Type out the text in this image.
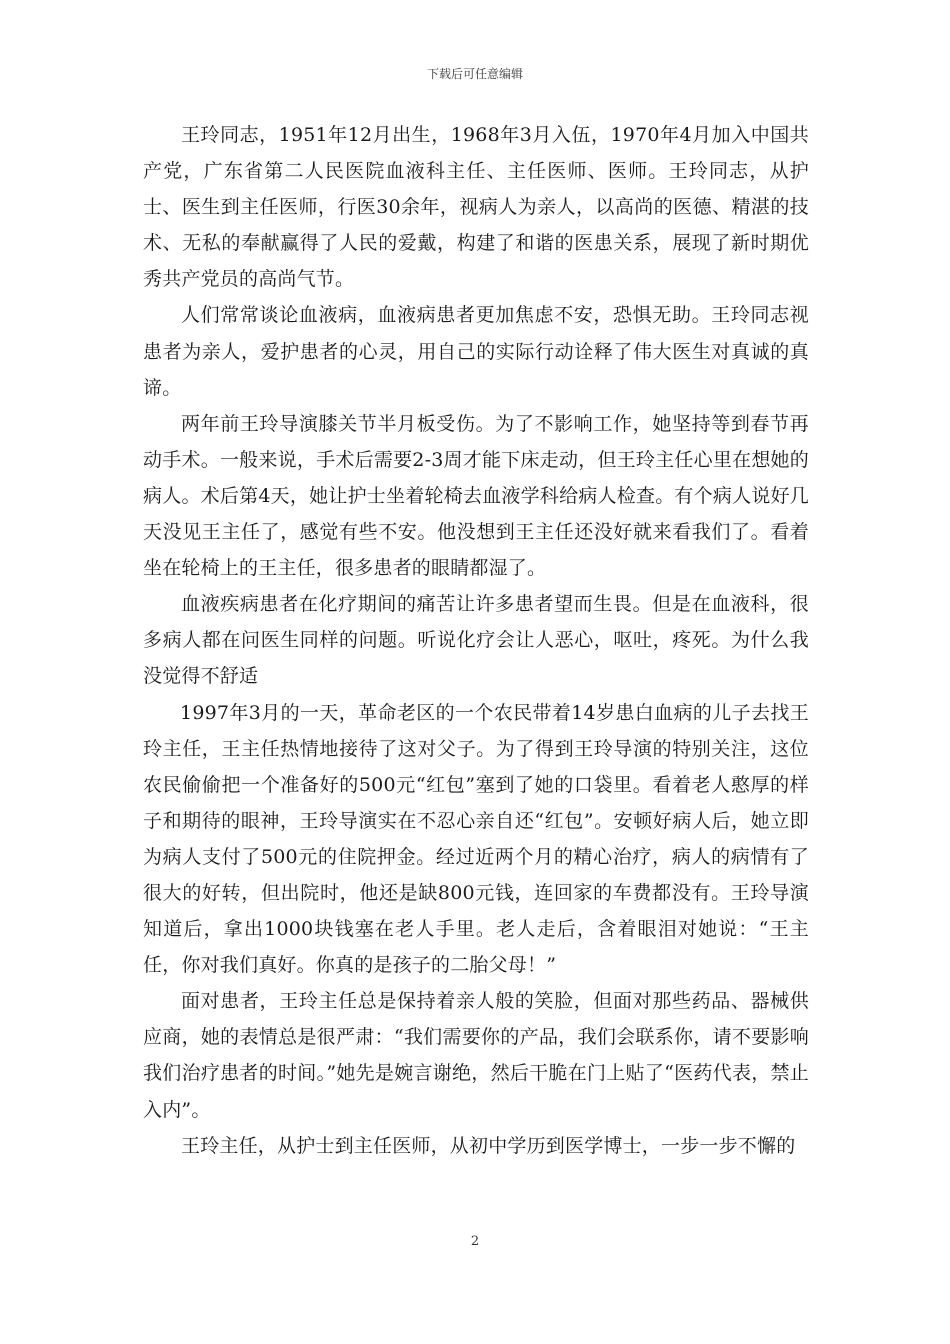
下载后可任意编辑

王玲同志，1951年12月出生，1968年3月入伍，1970年4月加入中国共产党，广东省第二人民医院血液科主任、主任医师、医师。王玲同志，从护士、医生到主任医师，行医30余年，视病人为亲人，以高尚的医德、精湛的技术、无私的奉献赢得了人民的爱戴，构建了和谐的医患关系，展现了新时期优秀共产党员的高尚气节。

人们常常谈论血液病，血液病患者更加焦虑不安，恐惧无助。王玲同志视患者为亲人，爱护患者的心灵，用自己的实际行动诠释了伟大医生对真诚的真谛。

两年前王玲导演膝关节半月板受伤。为了不影响工作，她坚持等到春节再动手术。一般来说，手术后需要2-3周才能下床走动，但王玲主任心里在想她的病人。术后第4天，她让护士坐着轮椅去血液学科给病人检查。有个病人说好几天没见王主任了，感觉有些不安。他没想到王主任还没好就来看我们了。看着坐在轮椅上的王主任，很多患者的眼睛都湿了。

血液疾病患者在化疗期间的痛苦让许多患者望而生畏。但是在血液科，很多病人都在问医生同样的问题。听说化疗会让人恶心，呕吐，疼死。为什么我没觉得不舒适

1997年3月的一天，革命老区的一个农民带着14岁患白血病的儿子去找王玲主任，王主任热情地接待了这对父子。为了得到王玲导演的特别关注，这位农民偷偷把一个准备好的500元“红包”塞到了她的口袋里。看着老人憨厚的样子和期待的眼神，王玲导演实在不忍心亲自还“红包”。安顿好病人后，她立即为病人支付了500元的住院押金。经过近两个月的精心治疗，病人的病情有了很大的好转，但出院时，他还是缺800元钱，连回家的车费都没有。王玲导演知道后，拿出1000块钱塞在老人手里。老人走后，含着眼泪对她说：“王主任，你对我们真好。你真的是孩子的二胎父母！”

面对患者，王玲主任总是保持着亲人般的笑脸，但面对那些药品、器械供应商，她的表情总是很严肃：“我们需要你的产品，我们会联系你，请不要影响我们治疗患者的时间。”她先是婉言谢绝，然后干脆在门上贴了“医药代表，禁止入内”。

王玲主任，从护士到主任医师，从初中学历到医学博士，一步一步不懈的

2
